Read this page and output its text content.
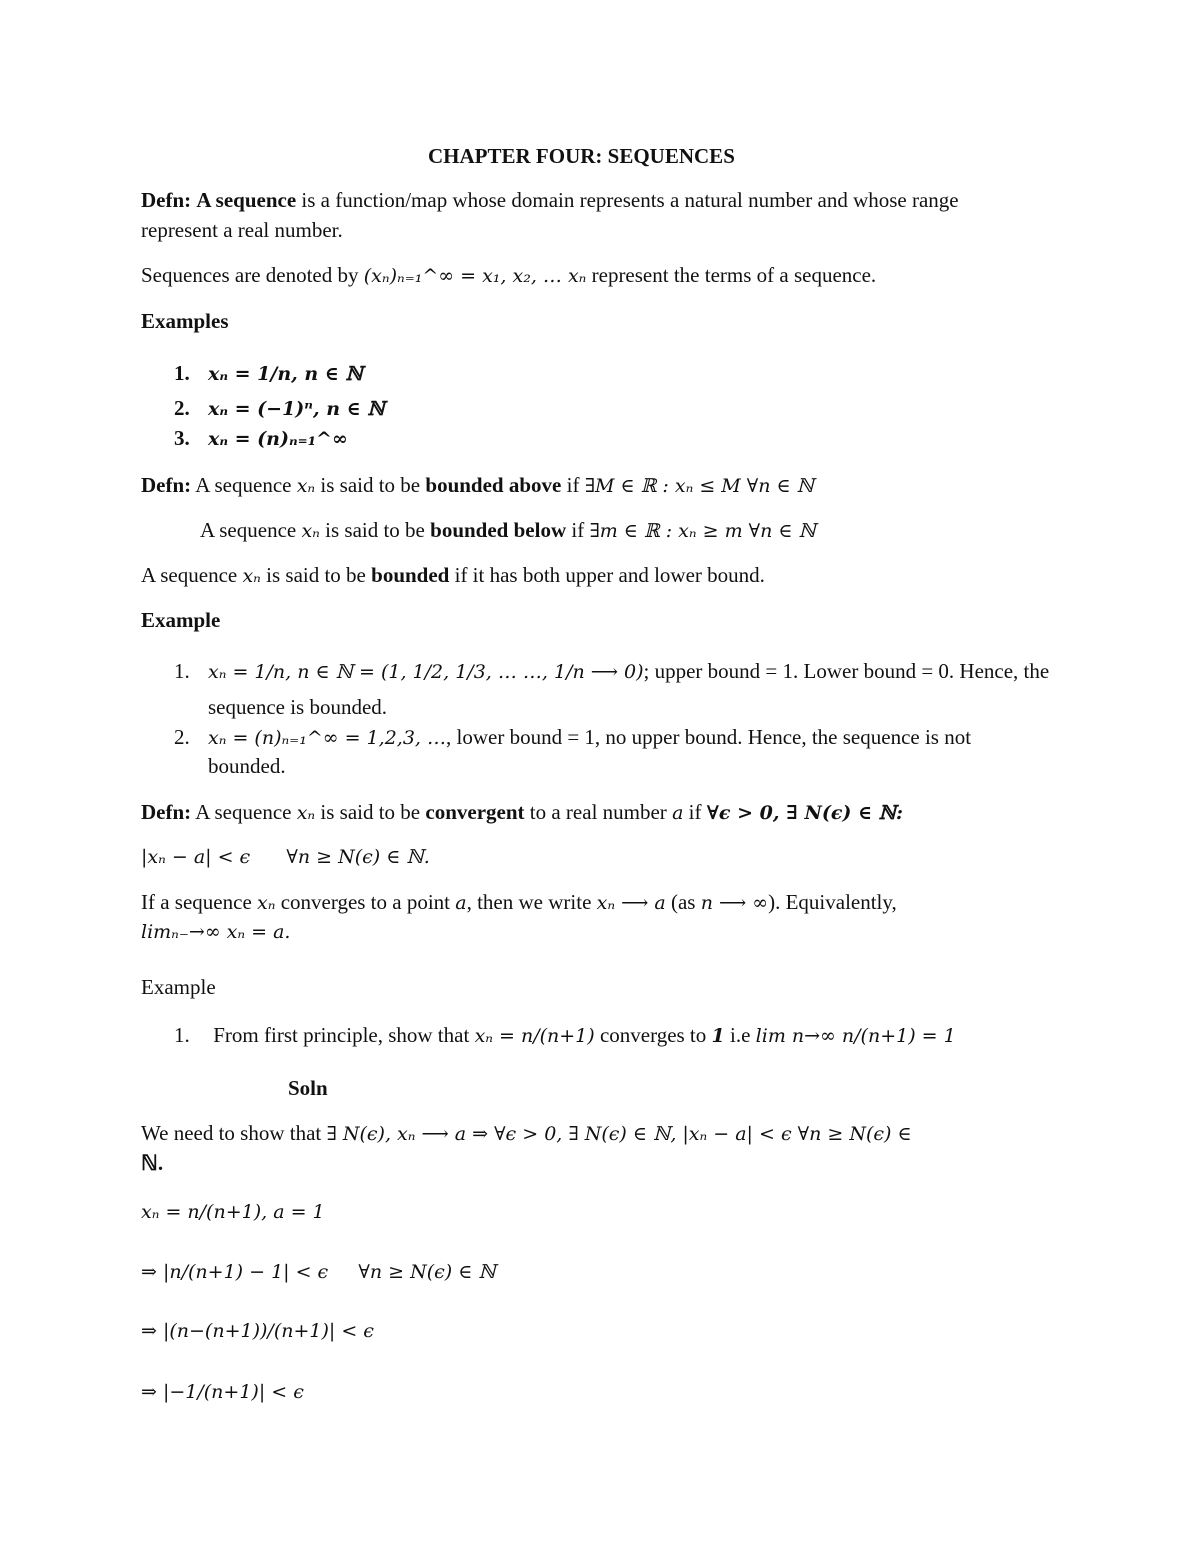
CHAPTER FOUR: SEQUENCES
Defn: A sequence is a function/map whose domain represents a natural number and whose range
represent a real number.
Sequences are denoted by (xₙ)ₙ₌₁^∞ = x₁, x₂, … xₙ represent the terms of a sequence.
Examples
1. xₙ = 1/n, n ∈ ℕ
2. xₙ = (−1)ⁿ, n ∈ ℕ
3. xₙ = (n)ₙ₌₁^∞
Defn: A sequence xₙ is said to be bounded above if ∃M ∈ ℝ : xₙ ≤ M ∀n ∈ ℕ
A sequence xₙ is said to be bounded below if ∃m ∈ ℝ : xₙ ≥ m ∀n ∈ ℕ
A sequence xₙ is said to be bounded if it has both upper and lower bound.
Example
1. xₙ = 1/n, n ∈ ℕ = (1, 1/2, 1/3, … …, 1/n ⟶ 0); upper bound = 1. Lower bound = 0. Hence, the
sequence is bounded.
2. xₙ = (n)ₙ₌₁^∞ = 1,2,3, …, lower bound = 1, no upper bound. Hence, the sequence is not
bounded.
Defn: A sequence xₙ is said to be convergent to a real number a if ∀ϵ > 0, ∃ N(ϵ) ∈ ℕ:
|xₙ − a| < ϵ      ∀n ≥ N(ϵ) ∈ ℕ.
If a sequence xₙ converges to a point a, then we write xₙ ⟶ a (as n ⟶ ∞). Equivalently,
limₙ₋→∞ xₙ = a.
Example
1. From first principle, show that xₙ = n/(n+1) converges to 1 i.e lim n→∞ n/(n+1) = 1
Soln
We need to show that ∃ N(ϵ), xₙ ⟶ a ⇒ ∀ϵ > 0, ∃ N(ϵ) ∈ ℕ, |xₙ − a| < ϵ ∀n ≥ N(ϵ) ∈
ℕ.
xₙ = n/(n+1), a = 1
⇒ |n/(n+1) − 1| < ϵ     ∀n ≥ N(ϵ) ∈ ℕ
⇒ |(n−(n+1))/(n+1)| < ϵ
⇒ |−1/(n+1)| < ϵ
